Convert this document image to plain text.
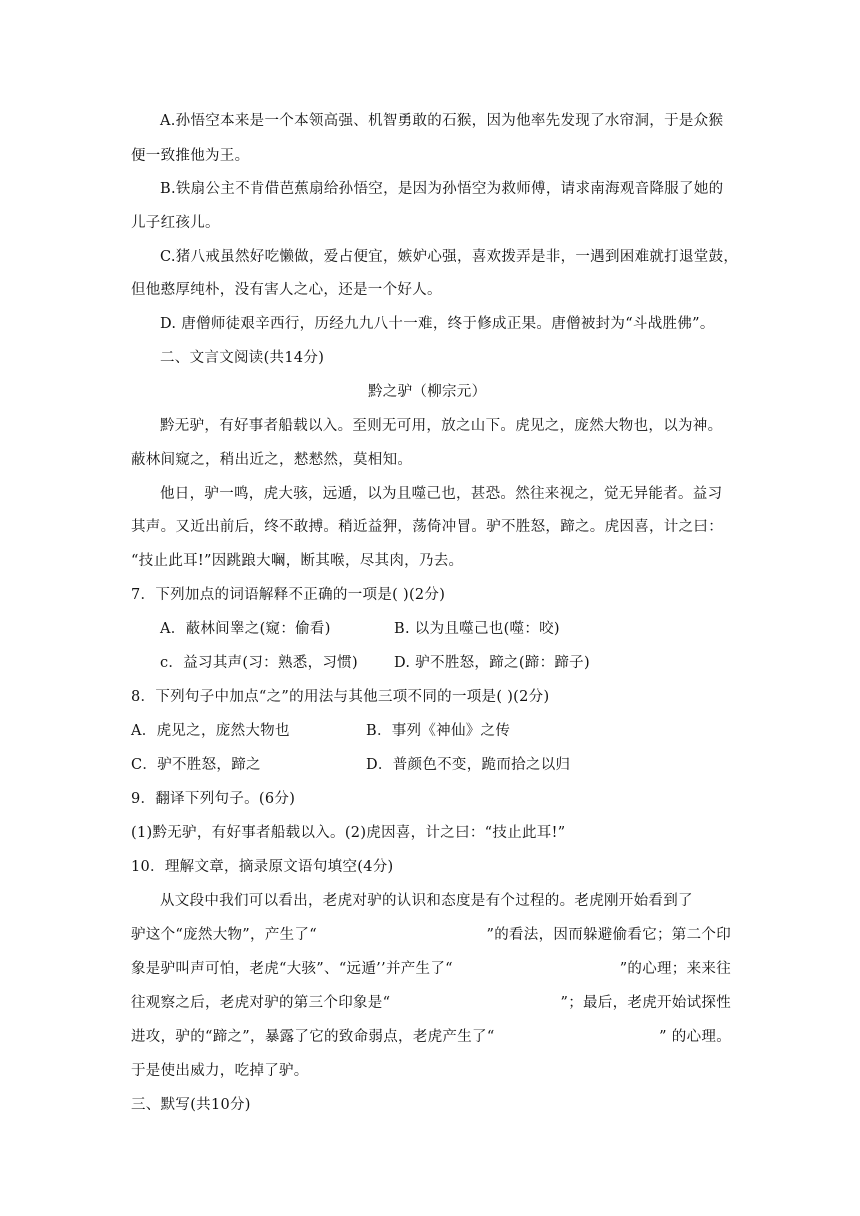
A.孙悟空本来是一个本领高强、机智勇敢的石猴，因为他率先发现了水帘洞，于是众猴
便一致推他为王。
B.铁扇公主不肯借芭蕉扇给孙悟空，是因为孙悟空为救师傅，请求南海观音降服了她的
儿子红孩儿。
C.猪八戒虽然好吃懒做，爱占便宜，嫉妒心强，喜欢拨弄是非，一遇到困难就打退堂鼓，
但他憨厚纯朴，没有害人之心，还是一个好人。
D. 唐僧师徒艰辛西行，历经九九八十一难，终于修成正果。唐僧被封为“斗战胜佛”。
二、文言文阅读(共14分)
黔之驴（柳宗元）
黔无驴，有好事者船载以入。至则无可用，放之山下。虎见之，庞然大物也，以为神。
蔽林间窥之，稍出近之，慭慭然，莫相知。
他日，驴一鸣，虎大骇，远遁，以为且噬己也，甚恐。然往来视之，觉无异能者。益习
其声。又近出前后，终不敢搏。稍近益狎，荡倚冲冒。驴不胜怒，蹄之。虎因喜，计之曰：
“技止此耳!”因跳踉大㘎，断其喉，尽其肉，乃去。
7．下列加点的词语解释不正确的一项是( )(2分)
A．蔽林间睾之(窥：偷看)	B. 以为且噬己也(噬：咬)
c．益习其声(习：熟悉，习惯) D. 驴不胜怒，蹄之(蹄：蹄子)
8．下列句子中加点“之”的用法与其他三项不同的一项是( )(2分)
A．虎见之，庞然大物也	B．事列《神仙》之传
C．驴不胜怒，蹄之	D．普颜色不变，跪而拾之以归
9．翻译下列句子。(6分)
(1)黔无驴，有好事者船载以入。(2)虎因喜，计之曰：“技止此耳!”
10．理解文章，摘录原文语句填空(4分)
从文段中我们可以看出，老虎对驴的认识和态度是有个过程的。老虎刚开始看到了
驴这个“庞然大物”，产生了“	”的看法，因而躲避偷看它；第二个印
象是驴叫声可怕，老虎“大骇”、“远遁’’并产生了“	”的心理；来来往
往观察之后，老虎对驴的第三个印象是“	”；最后，老虎开始试探性
进攻，驴的“蹄之”，暴露了它的致命弱点，老虎产生了“	” 的心理。
于是使出威力，吃掉了驴。
三、默写(共10分)
